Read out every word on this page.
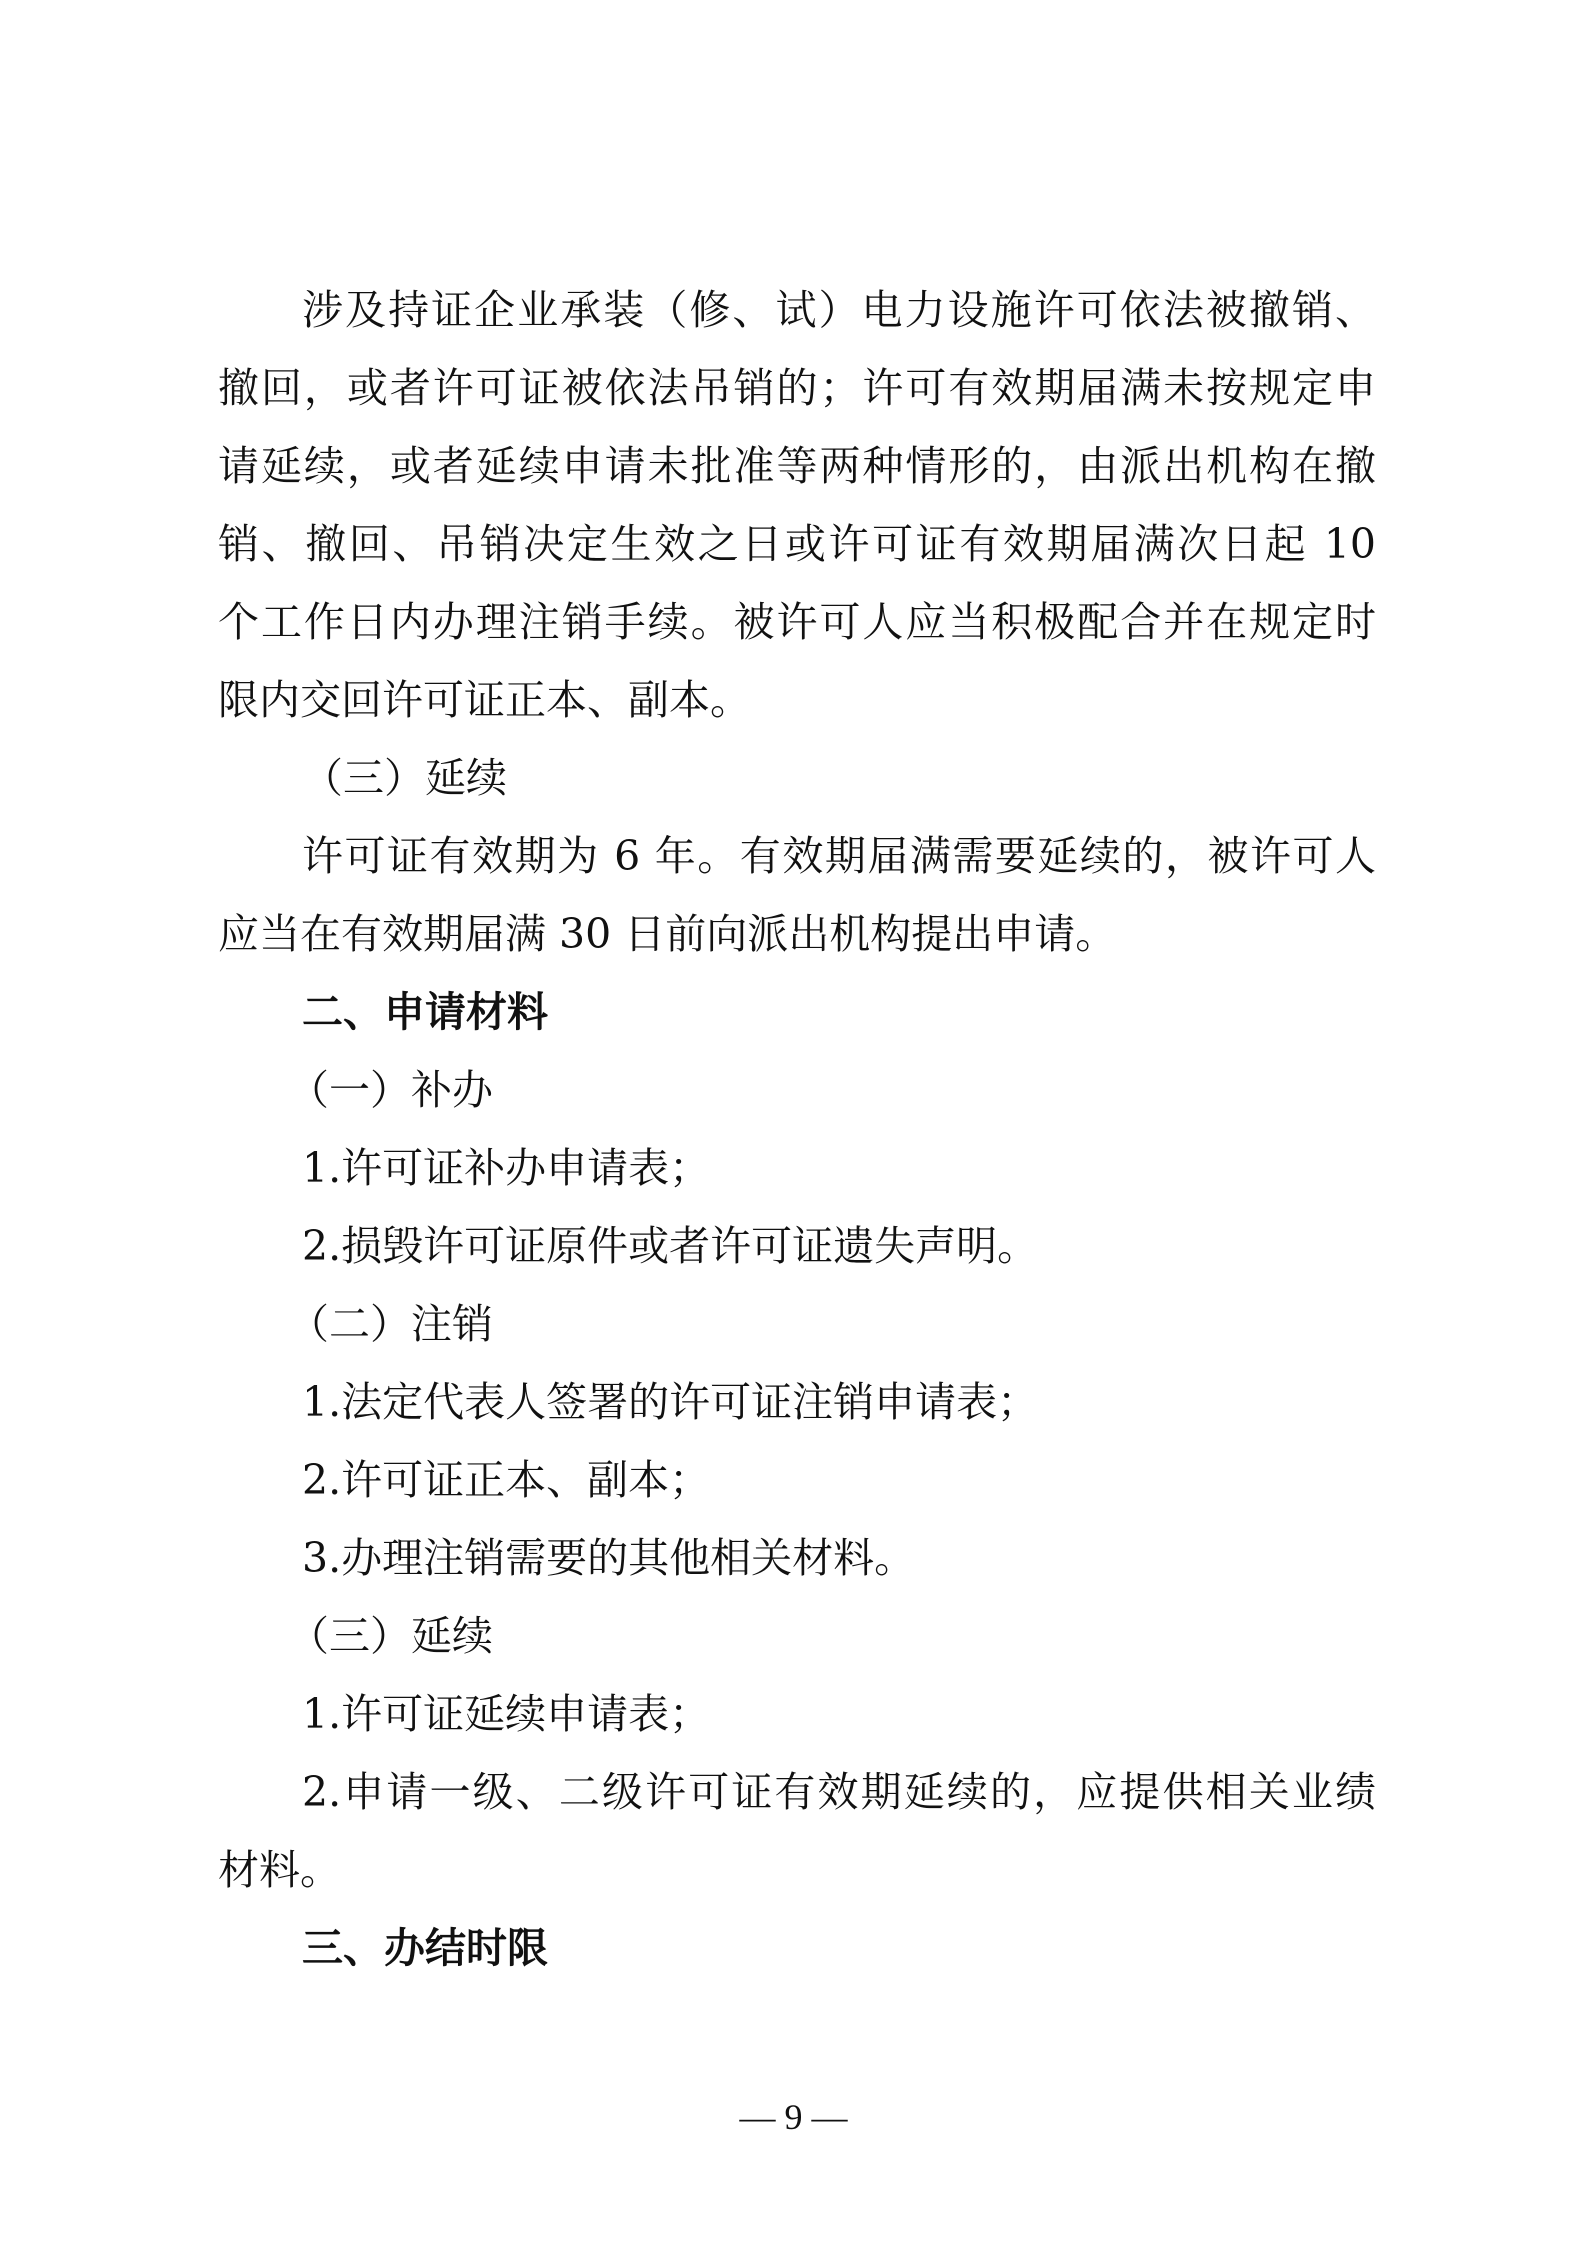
涉及持证企业承装（修、试）电力设施许可依法被撤销、
撤回，或者许可证被依法吊销的；许可有效期届满未按规定申
请延续，或者延续申请未批准等两种情形的，由派出机构在撤
销、撤回、吊销决定生效之日或许可证有效期届满次日起 10
个工作日内办理注销手续。被许可人应当积极配合并在规定时
限内交回许可证正本、副本。
（三）延续
许可证有效期为 6 年。有效期届满需要延续的，被许可人
应当在有效期届满 30 日前向派出机构提出申请。
二、申请材料
（一）补办
1.许可证补办申请表；
2.损毁许可证原件或者许可证遗失声明。
（二）注销
1.法定代表人签署的许可证注销申请表；
2.许可证正本、副本；
3.办理注销需要的其他相关材料。
（三）延续
1.许可证延续申请表；
2.申请一级、二级许可证有效期延续的，应提供相关业绩
材料。
三、办结时限
— 9 —
